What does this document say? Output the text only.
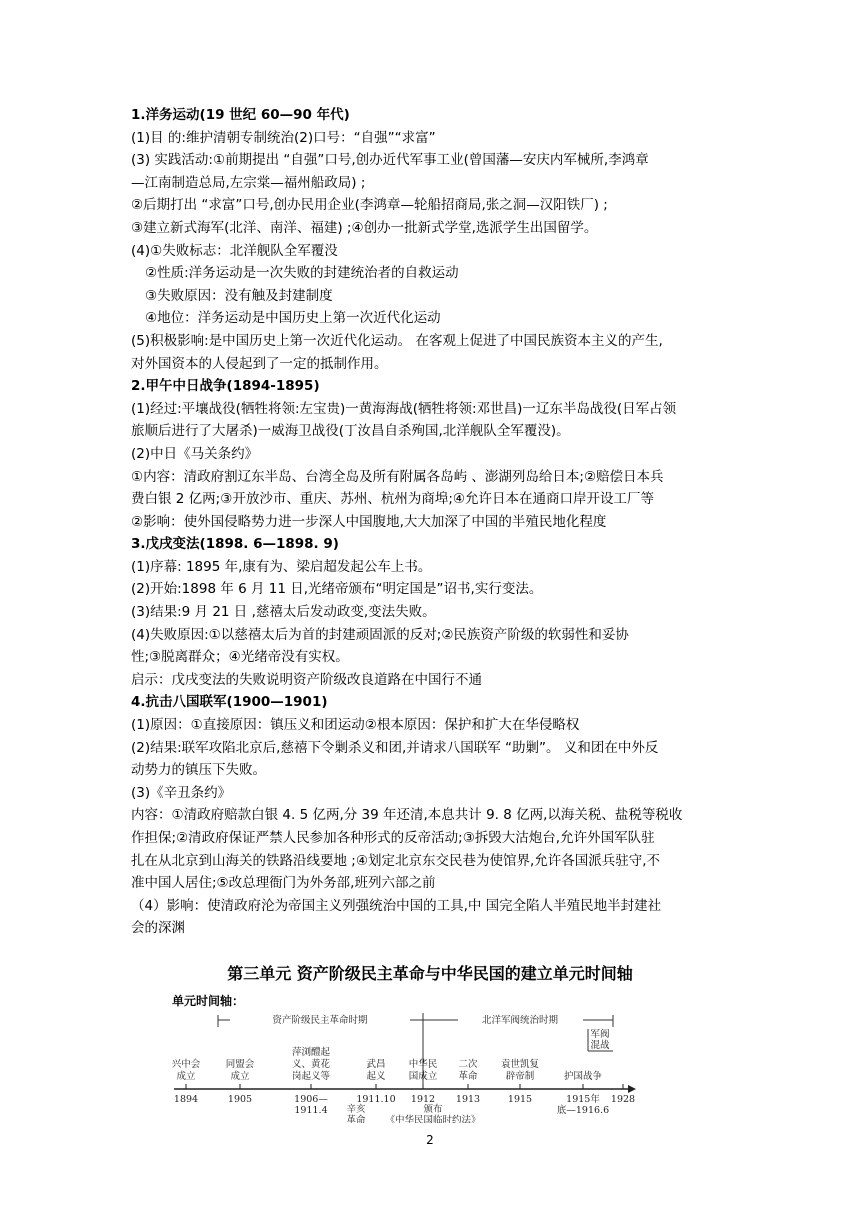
1.洋务运动(19 世纪 60—90 年代)
(1)目 的:维护清朝专制统治(2)口号：“自强”“求富”
(3) 实践活动:①前期提出 “自强”口号,创办近代军事工业(曾国藩—安庆内军械所,李鸿章
—江南制造总局,左宗棠—福州船政局) ;
②后期打出 “求富”口号,创办民用企业(李鸿章—轮船招商局,张之洞—汉阳铁厂) ;
③建立新式海军(北洋、南洋、福建) ;④创办一批新式学堂,选派学生出国留学。
(4)①失败标志：北洋舰队全军覆没
②性质:洋务运动是一次失败的封建统治者的自救运动
③失败原因：没有触及封建制度
④地位：洋务运动是中国历史上第一次近代化运动
(5)积极影响:是中国历史上第一次近代化运动。 在客观上促进了中国民族资本主义的产生,
对外国资本的人侵起到了一定的抵制作用。
2.甲午中日战争(1894-1895)
(1)经过:平壤战役(牺牲将领:左宝贵)一黄海海战(牺牲将领:邓世昌)一辽东半岛战役(日军占领
旅顺后进行了大屠杀)一威海卫战役(丁汝昌自杀殉国,北洋舰队全军覆没)。
(2)中日《马关条约》
①内容：清政府割辽东半岛、台湾全岛及所有附属各岛屿 、澎湖列岛给日本;②赔偿日本兵
费白银 2 亿两;③开放沙市、重庆、苏州、杭州为商埠;④允许日本在通商口岸开设工厂等
②影响：使外国侵略势力进一步深人中国腹地,大大加深了中国的半殖民地化程度
3.戊戌变法(1898. 6—1898. 9)
(1)序幕: 1895 年,康有为、梁启超发起公车上书。
(2)开始:1898 年 6 月 11 日,光绪帝颁布“明定国是”诏书,实行变法。
(3)结果:9 月 21 日 ,慈禧太后发动政变,变法失败。
(4)失败原因:①以慈禧太后为首的封建顽固派的反对;②民族资产阶级的软弱性和妥协
性;③脱离群众；④光绪帝没有实权。
启示：戊戌变法的失败说明资产阶级改良道路在中国行不通
4.抗击八国联军(1900—1901)
(1)原因：①直接原因：镇压义和团运动②根本原因：保护和扩大在华侵略权
(2)结果:联军攻陷北京后,慈禧下令剿杀义和团,并请求八国联军 “助剿”。 义和团在中外反
动势力的镇压下失败。
(3)《辛丑条约》
内容：①清政府赔款白银 4. 5 亿两,分 39 年还清,本息共计 9. 8 亿两,以海关税、盐税等税收
作担保;②清政府保证严禁人民参加各种形式的反帝活动;③拆毁大沽炮台,允许外国军队驻
扎在从北京到山海关的铁路沿线要地 ;④划定北京东交民巷为使馆界,允许各国派兵驻守,不
准中国人居住;⑤改总理衙门为外务部,班列六部之前
（4）影响：使清政府沦为帝国主义列强统治中国的工具,中 国完全陷人半殖民地半封建社
会的深渊
第三单元 资产阶级民主革命与中华民国的建立单元时间轴
单元时间轴：
资产阶级民主革命时期	北洋军阀统治时期
军阀
混战
兴中会
成立
1894
同盟会
成立
1905
萍浏醴起
义、黄花
岗起义等
1906—
1911.4
武昌
起义
1911.10
辛亥
革命
中华民
国成立
1912
颁布
《中华民国临时约法》
二次
革命
1913
袁世凯复
辟帝制
1915
护国战争
1915年
底—1916.6
1928
2
